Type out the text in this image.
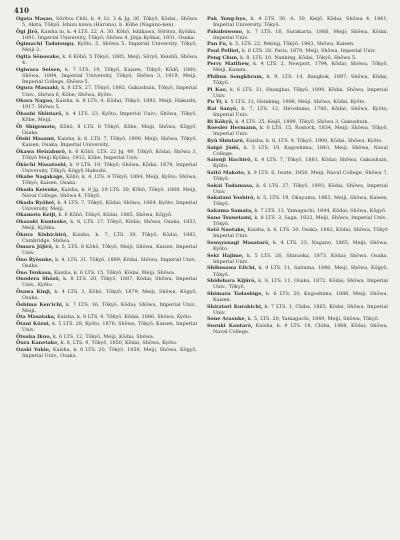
410

Ogata Masao, Sōritsu Chūi, k. 4, Lt. 3 & Jg. 36, Tōkyō, Kōdai., Shōwa 5, Akita, Tōkyō, Ishizu kuwa (Haruna), b. Kōbe (Nagano-ken).

Ōgi Jirō, Kaisha in, k. 4 LTS. 22, A. 30. Kōhō, Ishikawa, Sōritsu, Kyōiku, 1891, Imperial University, Tōkyō; Shōwa 4, Jinja Kyōkai, 1931, Osaka.

Ōgimachi Tadatsugu, Kyōto, 5, Shōwa 5, Imperial University, Tōkyō, Meiji 2.

Ogita Sōnosuke, k. 6 Kōhō, 5 Tōkyō, 1885, Meiji, Sōryō, Keishū, Shōwa 4.

Ogiwara Seisen, k. 7 LTS. 19, Tōkyō, Kaisen, Tōkyō; Kōdō, 1880; Shōwa, 1894, Imperial University, Tōkyō; Shōwa 3, 1919, Meiji, Imperial College, Shōwa 5.

Ogura Masaaki, k. 8 LTS. 27, Tōkyō, 1892, Gakushuin, Tōkyō, Imperial Univ., Shōwa 6, Kōbe; Shōwa, Kyōto.

Ohara Nagao, Kaisha, k. 8 LTS. 4, Kōdai; Tōkyō, 1893, Meiji, Hakushi, 1917, Shōwa 5.

Ōhashi Shintarō, k. 4 LTS. 23, Kyōto, Imperial Univ.; Shōwa, Tōkyō, Kōbe, Meiji.

Ōi Shigemoto, Kōhō, 8 LTS. 6 Tōkyō, Kōbe, Meiji, Shōwa, Kōgyō, Osaka.

Ōishi Masami, Kaisha, k. 6, LTS. 7, Tōkyō, 1890, Meiji; Shōwa, Tōkyō, Kaisen, Osaka, Imperial University.

Ōkawa Heizaburō, k. 6 Kōhō, LTS. 22 Jg. 49, Tōkyō, Kōdai; Shōwa 3, Tōkyō Meiji Kyōiku, 1912, Kōbe, Imperial Univ.

Ōkōchi Masatoshi, k. 9 LTS. 19, Tōkyō; Shōwa, Kōdai, 1878, Imperial University, Tōkyō; Kōgyō Hakushi.

Okabe Nagakage, Kōhō, k. 4, LTS. 4 Tōkyō, 1884, Meiji, Kyōto; Shōwa, Tōkyō; Kaisen, Osaka.

Okada Keisuke, Kaisha, k. 8 Jg. 19 LTS. 30, Kōhō, Tōkyō, 1868, Meiji, Naval College, Shōwa 4, Tōkyō.

Okada Ryōhei, k. 4 LTS. 7, Tōkyō, Kōdai; Shōwa, 1864, Kyōto, Imperial University, Meiji.

Okamoto Keiji, k. 6 Kōhō, Tōkyō, Kōdai, 1885, Shōwa, Kōgyō.

Okazaki Kunisuke, k. 8, LTS. 27, Tōkyō, Kōdai; Shōwa, Osaka, 1853, Meiji, Kyōiku.

Ōkura Kishichirō, Kaisha, k. 7, LTS. 30, Tōkyō, Kōdai, 1882, Cambridge, Shōwa.

Ōmura Jōjirō, k. 5, LTS. 8 Kōhō, Tōkyō, Meiji, Shōwa, Kaisen, Imperial Univ.

Ōno Ryōsuke, k. 4, LTS. 31, Tōkyō, 1889; Kōdai, Shōwa, Imperial Univ., Osaka.

Ōno Tsukasa, Kaisha, k. 6 LTS. 15, Tōkyō, Kōdai, Meiji, Shōwa.

Onodera Shōzō, k. 8 LTS. 20, Tōkyō, 1887, Kōdai; Shōwa, Imperial Univ., Kyōto.

Ōsawa Kinji, k. 4 LTS. 3, Kōhō, Tōkyō, 1879, Meiji, Shōwa, Kōgyō, Osaka.

Ōshima Ken'ichi, k. 7 LTS. 16, Tōkyō, Kōdai; Shōwa, Imperial Univ., Meiji.

Ōta Masataka, Kaisha, k. 8 LTS. 4, Tōkyō, Kōdai, 1886, Shōwa, Kyōto.

Ōtani Kōzui, k. 5 LTS. 28, Kyōto, 1876; Shōwa, Tōkyō, Kaisen, Imperial Univ.

Ōtsuka Ikuo, k. 6 LTS. 12, Tōkyō, Meiji, Kōdai, Shōwa.

Ōura Kanetake, k. 8, LTS. 9, Tōkyō, 1850, Kōdai; Shōwa, Kyōto.

Ozaki Yukio, Kaisha, k. 6 LTS. 20, Tōkyō, 1858, Meiji, Shōwa, Kōgyō, Imperial Univ., Osaka.

Pak Yong-hyo, k. 4 LTS. 30, A. 30, Keijō, Kōdai; Shōwa 4, 1861, Imperial University, Tōkyō.

Pakubuwono, k. 7 LTS. 16, Surakarta, 1866, Meiji; Shōwa, Kōdai, Imperial Univ.

Pan Fu, k. 5, LTS. 22, Peking, Tōkyō, 1883, Shōwa, Kaisen.

Paul Pelliot, k. 6 LTS. 28, Paris, 1878, Meiji, Shōwa, Imperial Univ.

Peng Chun, k. 8, LTS. 10, Nanking, Kōdai, Tōkyō, Shōwa 5.

Perry Matthew, k. 4 LTS. 2, Newport, 1794, Kōdai; Shōwa, Tōkyō, Meiji, Kaisen.

Phibun Songkhram, k. 9, LTS. 14, Bangkok, 1897; Shōwa, Kōdai, Tōkyō.

Pi Kao, k. 6 LTS. 31, Shanghai, Tōkyō, 1890, Kōdai, Shōwa, Imperial Univ.

Pu Yi, k. 5 LTS. 11, Hsinking, 1906, Meiji, Shōwa, Kōdai, Kyōto.

Rai Sanyō, k. 7, LTS. 12, Hiroshima, 1780, Kōdai; Shōwa, Kyōto, Imperial Univ.

Ri Kōkyū, k. 4 LTS. 25, Keijō, 1890, Tōkyō, Shōwa 3, Gakushuin.

Roesler Hermann, k. 6 LTS. 15, Rostock, 1834, Meiji; Shōwa, Tōkyō, Imperial Univ.

Ryū Shintarō, Kaisha, k. 8, LTS. 9, Tōkyō, 1900, Kōdai, Shōwa, Kyōto.

Saigō Jūdō, k. 5 LTS. 19, Kagoshima, 1843, Meiji, Shōwa, Naval College.

Saionji Hachirō, k. 4 LTS. 7, Tōkyō, 1881, Kōdai; Shōwa, Gakushuin, Kyōto.

Saitō Makoto, k. 9 LTS. 6, Iwate, 1858, Meiji, Naval College, Shōwa 7, Tōkyō.

Sakai Tadamasa, k. 6 LTS. 27, Tōkyō, 1893, Kōdai, Shōwa, Imperial Univ.

Sakatani Yoshirō, k. 5, LTS. 19, Okayama, 1863, Meiji, Shōwa, Kaisen, Tōkyō.

Sakuma Samata, k. 7 LTS. 13, Yamaguchi, 1844, Kōdai; Shōwa, Kōgyō.

Sano Tsunetami, k. 8 LTS. 3, Saga, 1822, Meiji, Shōwa, Imperial Univ., Tōkyō.

Satō Naotake, Kaisha, k. 6, LTS. 30, Osaka, 1882, Kōdai, Shōwa, Tōkyō Imperial Univ.

Sawayanagi Masatarō, k. 4 LTS. 23, Nagano, 1865, Meiji; Shōwa, Kyōto.

Seki Hajime, k. 5 LTS. 26, Shizuoka, 1873, Kōdai; Shōwa, Osaka, Imperial Univ.

Shibusawa Eiichi, k. 9 LTS. 11, Saitama, 1840, Meiji, Shōwa, Kōgyō, Tōkyō.

Shidehara Kijūrō, k. 8, LTS. 11, Osaka, 1872, Kōdai; Shōwa, Imperial Univ., Tōkyō.

Shimazu Tadashige, k. 6 LTS. 20, Kagoshima, 1886, Meiji, Shōwa, Kaisen.

Shiratori Kurakichi, k. 7 LTS. 1, Chiba, 1865, Kōdai, Shōwa, Imperial Univ.

Sone Arasuke, k. 5, LTS. 20, Yamaguchi, 1849, Meiji, Shōwa, Tōkyō.

Suzuki Kantarō, Kaisha, k. 9 LTS. 18, Chiba, 1868, Kōdai; Shōwa, Naval College.
